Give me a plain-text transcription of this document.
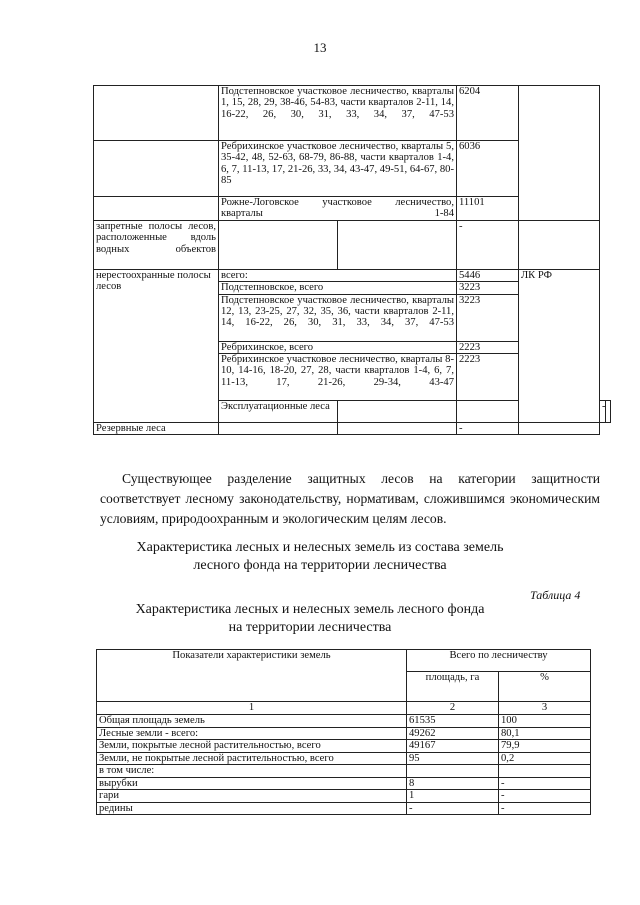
13
	Подстепновское участковое лесничество, кварталы 1, 15, 28, 29, 38-46, 54-83, части кварталов 2-11, 14, 16-22, 26, 30, 31, 33, 34, 37, 47-53		6204			
	Ребрихинское участковое лесничество, кварталы 5, 35-42, 48, 52-63, 68-79, 86-88, части кварталов 1-4, 6, 7, 11-13, 17, 21-26, 33, 34, 43-47, 49-51, 64-67, 80-85		6036			
	Рожне-Логовское участковое лесничество, кварталы 1-84		11101			
запретные полосы лесов, расположенные вдоль водных объектов			-			
нерестоохранные полосы лесов	всего:		5446	ЛК РФ		
	Подстепновское, всего		3223			
	Подстепновское участковое лесничество, кварталы 12, 13, 23-25, 27, 32, 35, 36, части кварталов 2-11, 14, 16-22, 26, 30, 31, 33, 34, 37, 47-53		3223			
	Ребрихинское, всего		2223			
	Ребрихинское участковое лесничество, кварталы 8-10, 14-16, 18-20, 27, 28, части кварталов 1-4, 6, 7, 11-13, 17, 21-26, 29-34, 43-47		2223			
	Эксплуатационные леса				-	
Резервные леса			-			

Существующее разделение защитных лесов на категории защитности соответствует лесному законодательству, нормативам, сложившимся экономическим условиям, природоохранным и экологическим целям лесов.

Характеристика лесных и нелесных земель из состава земель
лесного фонда на территории лесничества
Таблица 4
Характеристика лесных и нелесных земель лесного фонда
на территории лесничества
Показатели характеристики земель	Всего по лесничеству	
	площадь, га	%
1	2	3
Общая площадь земель	61535	100
Лесные земли - всего:	49262	80,1
Земли, покрытые лесной растительностью, всего	49167	79,9
Земли, не покрытые лесной растительностью, всего	95	0,2
в том числе:		
вырубки	8	-
гари	1	-
редины	-	-
